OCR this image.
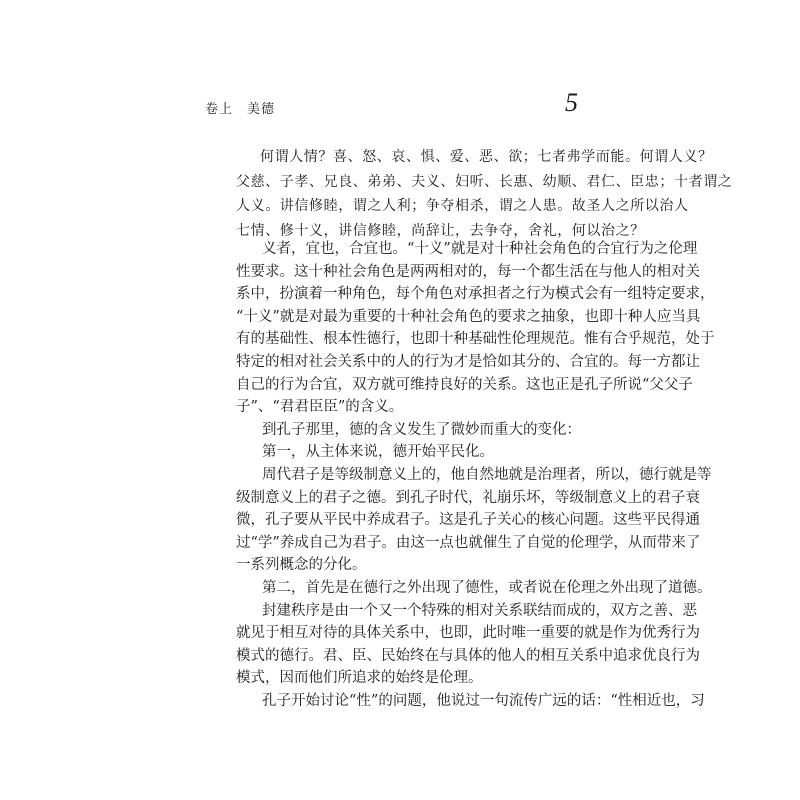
卷上 美德	5
何谓人情？喜、怒、哀、惧、爱、恶、欲；七者弗学而能。何谓人义？
父慈、子孝、兄良、弟弟、夫义、妇听、长惠、幼顺、君仁、臣忠；十者谓之
人义。讲信修睦，谓之人利；争夺相杀，谓之人患。故圣人之所以治人
七情、修十义，讲信修睦，尚辞让，去争夺，舍礼，何以治之？
义者，宜也，合宜也。“十义”就是对十种社会角色的合宜行为之伦理
性要求。这十种社会角色是两两相对的，每一个都生活在与他人的相对关
系中，扮演着一种角色，每个角色对承担者之行为模式会有一组特定要求，
“十义”就是对最为重要的十种社会角色的要求之抽象，也即十种人应当具
有的基础性、根本性德行，也即十种基础性伦理规范。惟有合乎规范，处于
特定的相对社会关系中的人的行为才是恰如其分的、合宜的。每一方都让
自己的行为合宜，双方就可维持良好的关系。这也正是孔子所说“父父子
子”、“君君臣臣”的含义。
到孔子那里，德的含义发生了微妙而重大的变化：
第一，从主体来说，德开始平民化。
周代君子是等级制意义上的，他自然地就是治理者，所以，德行就是等
级制意义上的君子之德。到孔子时代，礼崩乐坏，等级制意义上的君子衰
微，孔子要从平民中养成君子。这是孔子关心的核心问题。这些平民得通
过“学”养成自己为君子。由这一点也就催生了自觉的伦理学，从而带来了
一系列概念的分化。
第二，首先是在德行之外出现了德性，或者说在伦理之外出现了道德。
封建秩序是由一个又一个特殊的相对关系联结而成的，双方之善、恶
就见于相互对待的具体关系中，也即，此时唯一重要的就是作为优秀行为
模式的德行。君、臣、民始终在与具体的他人的相互关系中追求优良行为
模式，因而他们所追求的始终是伦理。
孔子开始讨论“性”的问题，他说过一句流传广远的话：“性相近也，习
